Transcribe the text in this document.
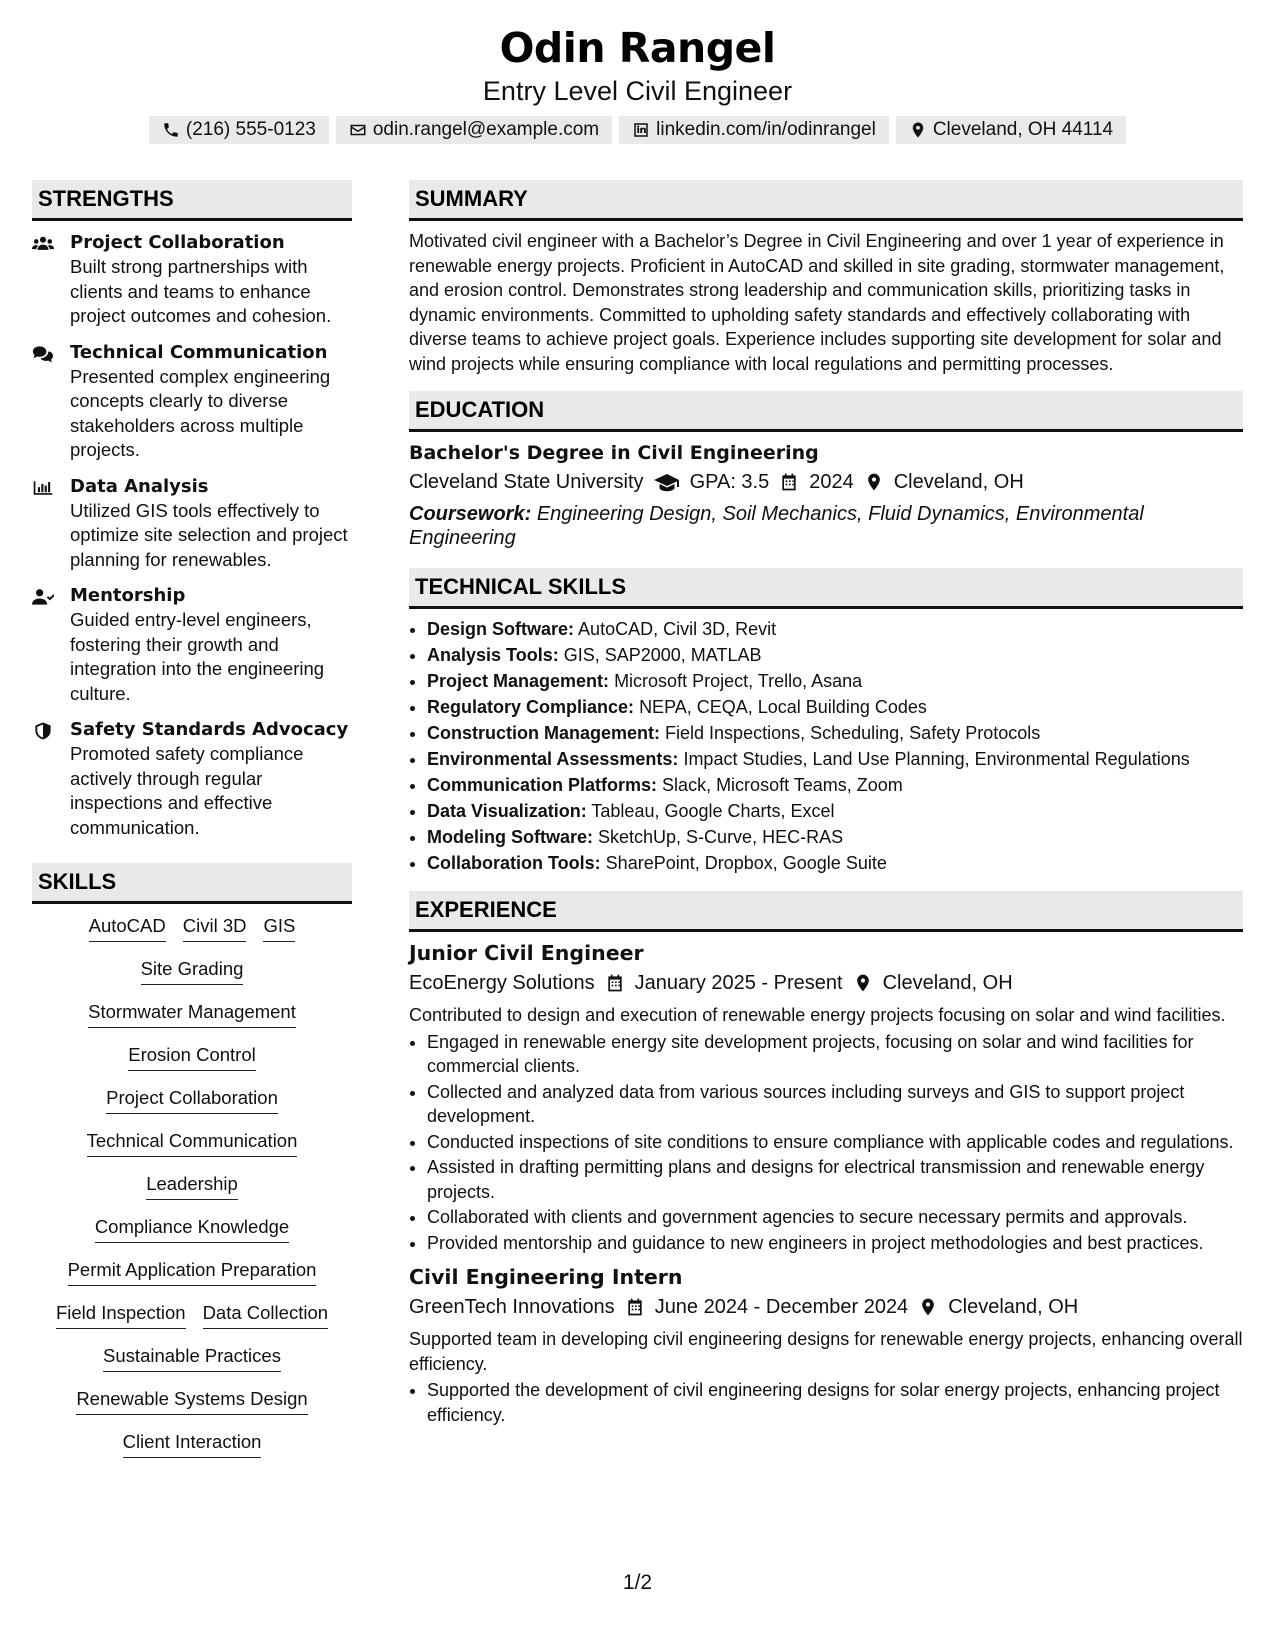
Odin Rangel
Entry Level Civil Engineer
(216) 555-0123	odin.rangel@example.com	linkedin.com/in/odinrangel	Cleveland, OH 44114
STRENGTHS
Project Collaboration
Built strong partnerships with clients and teams to enhance project outcomes and cohesion.
Technical Communication
Presented complex engineering concepts clearly to diverse stakeholders across multiple projects.
Data Analysis
Utilized GIS tools effectively to optimize site selection and project planning for renewables.
Mentorship
Guided entry-level engineers, fostering their growth and integration into the engineering culture.
Safety Standards Advocacy
Promoted safety compliance actively through regular inspections and effective communication.
SKILLS
AutoCAD Civil 3D GIS
Site Grading
Stormwater Management
Erosion Control
Project Collaboration
Technical Communication
Leadership
Compliance Knowledge
Permit Application Preparation
Field Inspection Data Collection
Sustainable Practices
Renewable Systems Design
Client Interaction
SUMMARY
Motivated civil engineer with a Bachelor’s Degree in Civil Engineering and over 1 year of experience in renewable energy projects. Proficient in AutoCAD and skilled in site grading, stormwater management, and erosion control. Demonstrates strong leadership and communication skills, prioritizing tasks in dynamic environments. Committed to upholding safety standards and effectively collaborating with diverse teams to achieve project goals. Experience includes supporting site development for solar and wind projects while ensuring compliance with local regulations and permitting processes.
EDUCATION
Bachelor's Degree in Civil Engineering
Cleveland State University GPA: 3.5 2024 Cleveland, OH
Coursework: Engineering Design, Soil Mechanics, Fluid Dynamics, Environmental Engineering
TECHNICAL SKILLS
• Design Software: AutoCAD, Civil 3D, Revit
• Analysis Tools: GIS, SAP2000, MATLAB
• Project Management: Microsoft Project, Trello, Asana
• Regulatory Compliance: NEPA, CEQA, Local Building Codes
• Construction Management: Field Inspections, Scheduling, Safety Protocols
• Environmental Assessments: Impact Studies, Land Use Planning, Environmental Regulations
• Communication Platforms: Slack, Microsoft Teams, Zoom
• Data Visualization: Tableau, Google Charts, Excel
• Modeling Software: SketchUp, S-Curve, HEC-RAS
• Collaboration Tools: SharePoint, Dropbox, Google Suite
EXPERIENCE
Junior Civil Engineer
EcoEnergy Solutions January 2025 - Present Cleveland, OH
Contributed to design and execution of renewable energy projects focusing on solar and wind facilities.
• Engaged in renewable energy site development projects, focusing on solar and wind facilities for commercial clients.
• Collected and analyzed data from various sources including surveys and GIS to support project development.
• Conducted inspections of site conditions to ensure compliance with applicable codes and regulations.
• Assisted in drafting permitting plans and designs for electrical transmission and renewable energy projects.
• Collaborated with clients and government agencies to secure necessary permits and approvals.
• Provided mentorship and guidance to new engineers in project methodologies and best practices.
Civil Engineering Intern
GreenTech Innovations June 2024 - December 2024 Cleveland, OH
Supported team in developing civil engineering designs for renewable energy projects, enhancing overall efficiency.
• Supported the development of civil engineering designs for solar energy projects, enhancing project efficiency.
1/2
